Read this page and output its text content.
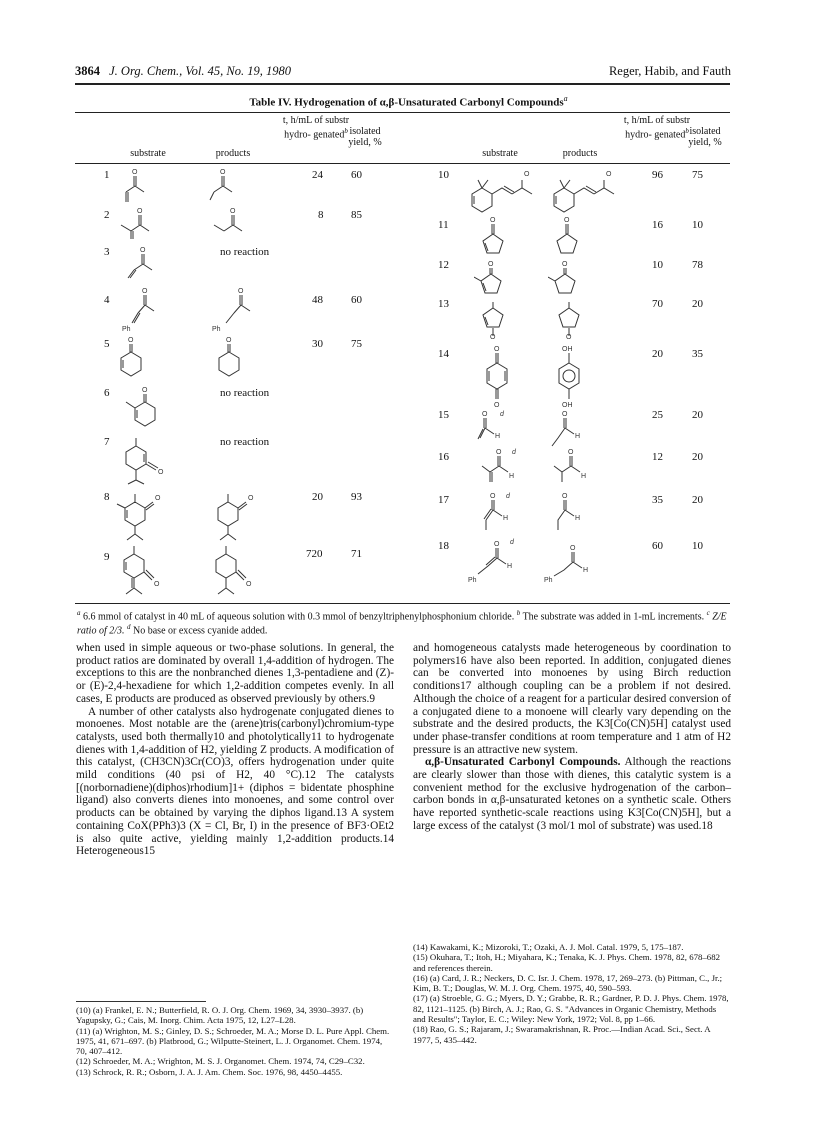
3864 J. Org. Chem., Vol. 45, No. 19, 1980	Reger, Habib, and Fauth
Table IV. Hydrogenation of α,β-Unsaturated Carbonyl Compounds$^a$
substrate	products
t, h/mL of substr hydro- genated$^b$ isolated yield, %
substrate	products
t, h/mL of substr hydro- genated$^b$ isolated yield, %
1	24	60
2	8	85
3	no reaction
4	48	60
5	30	75
6	no reaction
7	no reaction
8	20	93
9	720	71
10	96	75
11	16	10
12	10	78
13	70	20
14	20	35
15	25	20
16	12	20
17	35	20
18	60	10
O	O
O	O
O
O
Ph
O
Ph
O	O
O
O
O	O
O	O
O	O
O	O
O	O
O	O
O
O
OH
OH
O d
H
O
H
O d
H
O
H
O d
H
O
H
O d
H
Ph
O
H
Ph
$^a$ 6.6 mmol of catalyst in 40 mL of aqueous solution with 0.3 mmol of benzyltriphenylphosphonium chloride. $^b$ The substrate was added in 1-mL increments. $^c$ Z/E ratio of 2/3. $^d$ No base or excess cyanide added.

when used in simple aqueous or two-phase solutions. In general, the product ratios are dominated by overall 1,4-addition of hydrogen. The exceptions to this are the nonbranched dienes 1,3-pentadiene and (Z)- or (E)-2,4-hexadiene for which 1,2-addition competes evenly. In all cases, E products are produced as observed previously by others.9

A number of other catalysts also hydrogenate conjugated dienes to monoenes. Most notable are the (arene)tris(carbonyl)chromium-type catalysts, used both thermally10 and photolytically11 to hydrogenate dienes with 1,4-addition of H2, yielding Z products. A modification of this catalyst, (CH3CN)3Cr(CO)3, offers hydrogenation under quite mild conditions (40 psi of H2, 40 °C).12 The catalysts [(norbornadiene)(diphos)rhodium]1+ (diphos = bidentate phosphine ligand) also converts dienes into monoenes, and some control over products can be obtained by varying the diphos ligand.13 A system containing CoX(PPh3)3 (X = Cl, Br, I) in the presence of BF3·OEt2 is also quite active, yielding mainly 1,2-addition products.14 Heterogeneous15

and homogeneous catalysts made heterogeneous by coordination to polymers16 have also been reported. In addition, conjugated dienes can be converted into monoenes by using Birch reduction conditions17 although coupling can be a problem if not desired. Although the choice of a reagent for a particular desired conversion of a conjugated diene to a monoene will clearly vary depending on the substrate and the desired products, the K3[Co(CN)5H] catalyst used under phase-transfer conditions at room temperature and 1 atm of H2 pressure is an attractive new system.

α,β-Unsaturated Carbonyl Compounds. Although the reactions are clearly slower than those with dienes, this catalytic system is a convenient method for the exclusive hydrogenation of the carbon–carbon bonds in α,β-unsaturated ketones on a synthetic scale. Others have reported synthetic-scale reactions using K3[Co(CN)5H], but a large excess of the catalyst (3 mol/1 mol of substrate) was used.18

(10) (a) Frankel, E. N.; Butterfield, R. O. J. Org. Chem. 1969, 34, 3930–3937. (b) Yagupsky, G.; Cais, M. Inorg. Chim. Acta 1975, 12, L27–L28.

(11) (a) Wrighton, M. S.; Ginley, D. S.; Schroeder, M. A.; Morse D. L. Pure Appl. Chem. 1975, 41, 671–697. (b) Platbrood, G.; Wilputte-Steinert, L. J. Organomet. Chem. 1974, 70, 407–412.

(12) Schroeder, M. A.; Wrighton, M. S. J. Organomet. Chem. 1974, 74, C29–C32.

(13) Schrock, R. R.; Osborn, J. A. J. Am. Chem. Soc. 1976, 98, 4450–4455.

(14) Kawakami, K.; Mizoroki, T.; Ozaki, A. J. Mol. Catal. 1979, 5, 175–187.

(15) Okuhara, T.; Itoh, H.; Miyahara, K.; Tenaka, K. J. Phys. Chem. 1978, 82, 678–682 and references therein.

(16) (a) Card, J. R.; Neckers, D. C. Isr. J. Chem. 1978, 17, 269–273. (b) Pittman, C., Jr.; Kim, B. T.; Douglas, W. M. J. Org. Chem. 1975, 40, 590–593.

(17) (a) Stroeble, G. G.; Myers, D. Y.; Grabbe, R. R.; Gardner, P. D. J. Phys. Chem. 1978, 82, 1121–1125. (b) Birch, A. J.; Rao, G. S. "Advances in Organic Chemistry, Methods and Results"; Taylor, E. C.; Wiley: New York, 1972; Vol. 8, pp 1–66.

(18) Rao, G. S.; Rajaram, J.; Swaramakrishnan, R. Proc.—Indian Acad. Sci., Sect. A 1977, 5, 435–442.
